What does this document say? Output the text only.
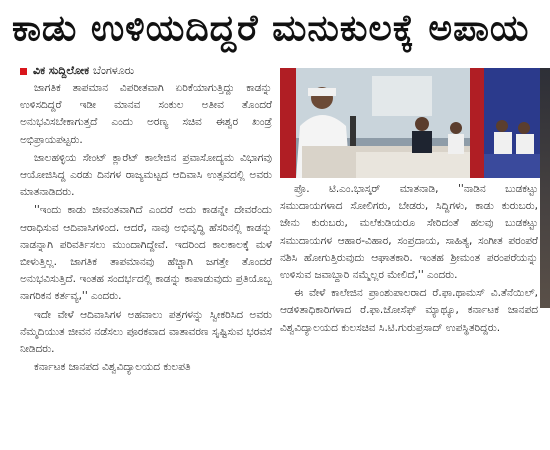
ಕಾಡು ಉಳಿಯದಿದ್ದರೆ ಮನುಕುಲಕ್ಕೆ ಅಪಾಯ
ವಿಕ ಸುದ್ದಿಲೋಕ ಬೆಂಗಳೂರು

ಜಾಗತಿಕ ತಾಪಮಾನ ವಿಪರೀತವಾಗಿ ಏರಿಕೆಯಾಗುತ್ತಿದ್ದು ಕಾಡನ್ನು ಉಳಿಸದಿದ್ದರೆ ಇಡೀ ಮಾನವ ಸಂಕುಲ ಅತೀವ ತೊಂದರೆ ಅನುಭವಿಸಬೇಕಾಗುತ್ತದೆ ಎಂದು ಅರಣ್ಯ ಸಚಿವ ಈಶ್ವರ ಖಂಡ್ರೆ ಅಭಿಪ್ರಾಯಪಟ್ಟರು.

ಜಾಲಹಳ್ಳಿಯ ಸೇಂಟ್ ಕ್ಲಾರೆಟ್ ಕಾಲೇಜಿನ ಪ್ರವಾಸೋದ್ಯಮ ವಿಭಾಗವು ಆಯೋಜಿಸಿದ್ದ ಎರಡು ದಿನಗಳ ರಾಜ್ಯಮಟ್ಟದ ಆದಿವಾಸಿ ಉತ್ಸವದಲ್ಲಿ ಅವರು ಮಾತನಾಡಿದರು.

''ಇಂದು ಕಾಡು ಜೀವಂತವಾಗಿದೆ ಎಂದರೆ ಅದು ಕಾಡನ್ನೇ ದೇವರೆಂದು ಆರಾಧಿಸುವ ಆದಿವಾಸಿಗಳಿಂದ. ಆದರೆ, ನಾವು ಅಭಿವೃದ್ಧಿ ಹೆಸರಿನಲ್ಲಿ ಕಾಡನ್ನು ನಾಡನ್ನಾಗಿ ಪರಿವರ್ತಿಸಲು ಮುಂದಾಗಿದ್ದೇವೆ. ಇದರಿಂದ ಕಾಲಕಾಲಕ್ಕೆ ಮಳೆ ಬೀಳುತ್ತಿಲ್ಲ. ಜಾಗತಿಕ ತಾಪಮಾನವು ಹೆಚ್ಚಾಗಿ ಜಗತ್ತೇ ತೊಂದರೆ ಅನುಭವಿಸುತ್ತಿದೆ. ಇಂತಹ ಸಂದರ್ಭದಲ್ಲಿ ಕಾಡನ್ನು ಕಾಪಾಡುವುದು ಪ್ರತಿಯೊಬ್ಬ ನಾಗರಿಕನ ಕರ್ತವ್ಯ,'' ಎಂದರು.

ಇದೇ ವೇಳೆ ಆದಿವಾಸಿಗಳ ಅಹವಾಲು ಪತ್ರಗಳನ್ನು ಸ್ವೀಕರಿಸಿದ ಅವರು ನೆಮ್ಮದಿಯುತ ಜೀವನ ನಡೆಸಲು ಪೂರಕವಾದ ವಾತಾವರಣ ಸೃಷ್ಟಿಸುವ ಭರವಸೆ ನೀಡಿದರು.

ಕರ್ನಾಟಕ ಜಾನಪದ ವಿಶ್ವವಿದ್ಯಾಲಯದ ಕುಲಪತಿ

ಪ್ರೊ. ಟಿ.ಎಂ.ಭಾಸ್ಕರ್ ಮಾತನಾಡಿ, ''ನಾಡಿನ ಬುಡಕಟ್ಟು ಸಮುದಾಯಗಳಾದ ಸೋಲಿಗರು, ಬೇಡರು, ಸಿದ್ದಿಗಳು, ಕಾಡು ಕುರುಬರು, ಜೇನು ಕುರುಬರು, ಮಲೆಕುಡಿಯರೂ ಸೇರಿದಂತೆ ಹಲವು ಬುಡಕಟ್ಟು ಸಮುದಾಯಗಳ ಆಹಾರ-ವಿಹಾರ, ಸಂಪ್ರದಾಯ, ಸಾಹಿತ್ಯ, ಸಂಗೀತ ಪರಂಪರೆ ನಶಿಸಿ ಹೋಗುತ್ತಿರುವುದು ಆಘಾತಕಾರಿ. ಇಂತಹ ಶ್ರೀಮಂತ ಪರಂಪರೆಯನ್ನು ಉಳಿಸುವ ಜವಾಬ್ದಾರಿ ನಮ್ಮೆಲ್ಲರ ಮೇಲಿದೆ,'' ಎಂದರು.

ಈ ವೇಳೆ ಕಾಲೇಜಿನ ಪ್ರಾಂಶುಪಾಲರಾದ ರೆ.ಫಾ.ಥಾಮಸ್ ವಿ.ತೆನೆಯಿಲ್, ಆಡಳಿತಾಧಿಕಾರಿಗಳಾದ ರೆ.ಫಾ.ಜೋಸೆಫ್ ಮ್ಯಾಥ್ಯೂ, ಕರ್ನಾಟಕ ಜಾನಪದ ವಿಶ್ವವಿದ್ಯಾಲಯದ ಕುಲಸಚಿವ ಸಿ.ಟಿ.ಗುರುಪ್ರಸಾದ್ ಉಪಸ್ಥಿತರಿದ್ದರು.
